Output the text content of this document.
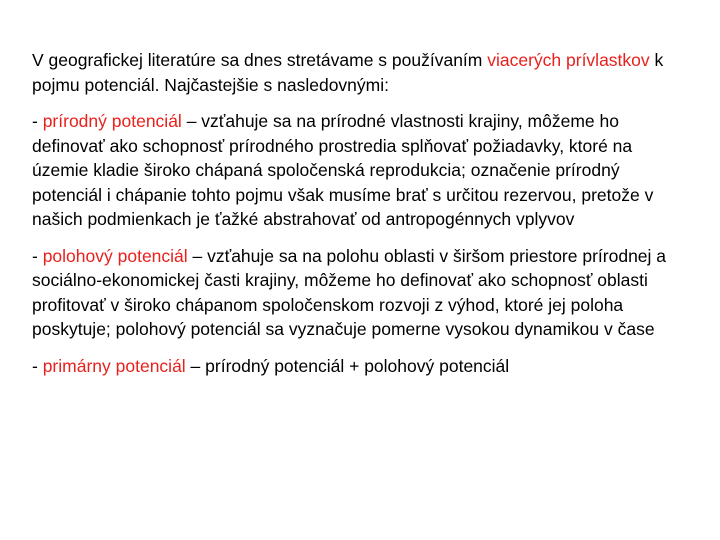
V geografickej literatúre sa dnes stretávame s používaním viacerých prívlastkov k pojmu potenciál. Najčastejšie s nasledovnými:

- prírodný potenciál – vzťahuje sa na prírodné vlastnosti krajiny, môžeme ho definovať ako schopnosť prírodného prostredia splňovať požiadavky, ktoré na územie kladie široko chápaná spoločenská reprodukcia; označenie prírodný potenciál i chápanie tohto pojmu však musíme brať s určitou rezervou, pretože v našich podmienkach je ťažké abstrahovať od antropogénnych vplyvov

- polohový potenciál – vzťahuje sa na polohu oblasti v širšom priestore prírodnej a sociálno-ekonomickej časti krajiny, môžeme ho definovať ako schopnosť oblasti profitovať v široko chápanom spoločenskom rozvoji z výhod, ktoré jej poloha poskytuje; polohový potenciál sa vyznačuje pomerne vysokou dynamikou v čase

- primárny potenciál – prírodný potenciál + polohový potenciál
